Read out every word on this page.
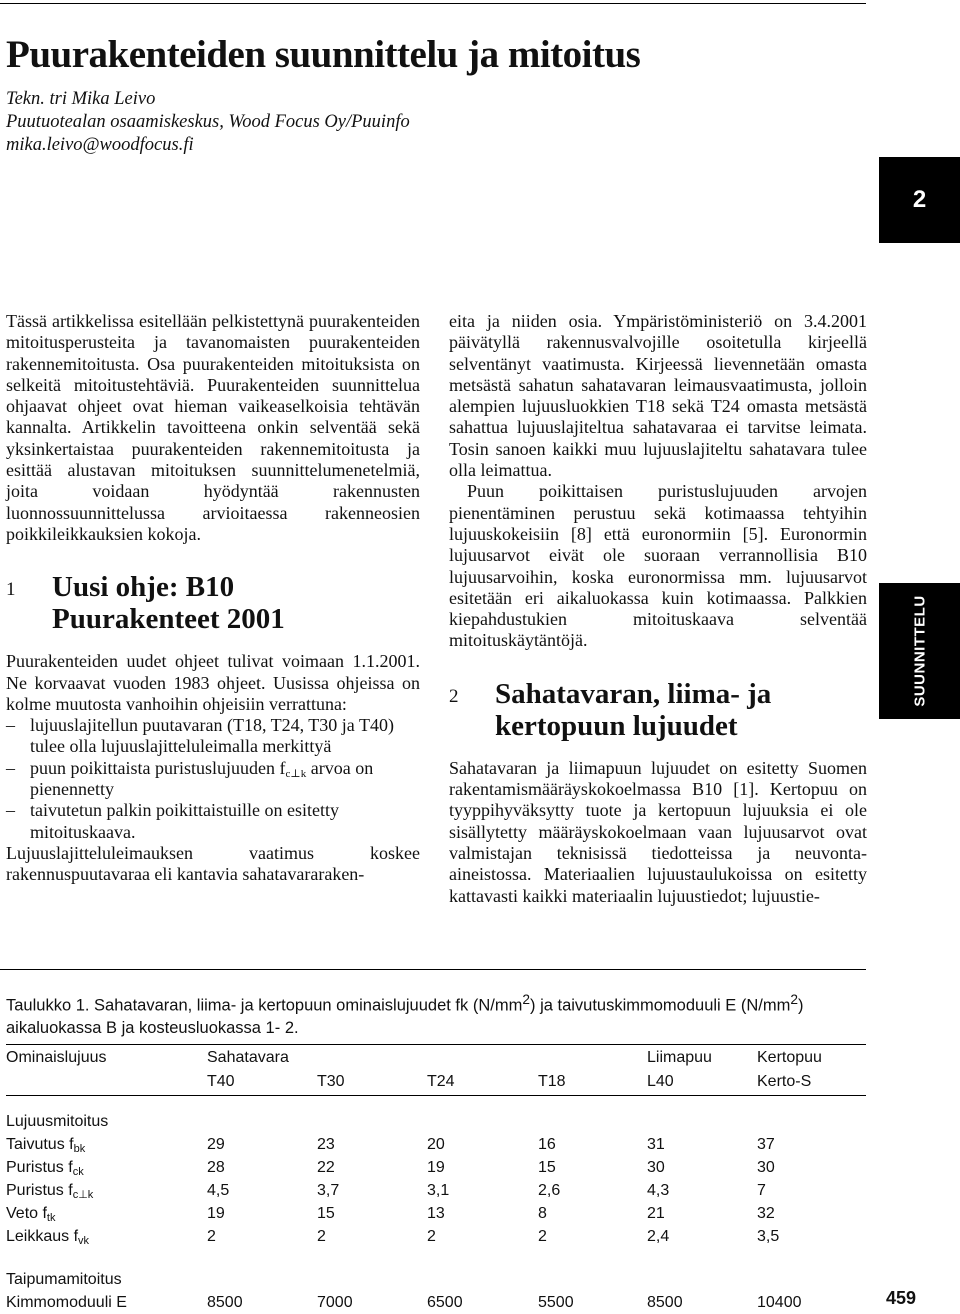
Puurakenteiden suunnittelu ja mitoitus
Tekn. tri Mika Leivo
Puutuotealan osaamiskeskus, Wood Focus Oy/Puuinfo
mika.leivo@woodfocus.fi
2
SUUNNITTELU

Tässä artikkelissa esitellään pelkistettynä puurakenteiden mitoitusperusteita ja tavanomaisten puurakenteiden rakennemitoitusta. Osa puurakenteiden mitoituksista on selkeitä mitoitustehtäviä. Puurakenteiden suunnittelua ohjaavat ohjeet ovat hieman vaikeaselkoisia tehtävän kannalta. Artikkelin tavoitteena onkin selventää sekä yksinkertaistaa puurakenteiden rakennemitoitusta ja esittää alustavan mitoituksen suunnittelumenetelmiä, joita voidaan hyödyntää rakennusten luonnossuunnittelussa arvioitaessa rakenneosien poikkileikkauksien kokoja.

1	Uusi ohje: B10
Puurakenteet 2001

Puurakenteiden uudet ohjeet tulivat voimaan 1.1.2001. Ne korvaavat vuoden 1983 ohjeet. Uusissa ohjeissa on kolme muutosta vanhoihin ohjeisiin verrattuna:

– lujuuslajitellun puutavaran (T18, T24, T30 ja T40) tulee olla lujuuslajitteluleimalla merkittyä
– puun poikittaista puristuslujuuden $f_{c\perp k}$ arvoa on pienennetty
– taivutetun palkin poikittaistuille on esitetty mitoituskaava.

Lujuuslajitteluleimauksen vaatimus koskee rakennuspuutavaraa eli kantavia sahatavararaken-

eita ja niiden osia. Ympäristöministeriö on 3.4.2001 päivätyllä rakennusvalvojille osoitetulla kirjeellä selventänyt vaatimusta. Kirjeessä lievennetään omasta metsästä sahatun sahatavaran leimausvaatimusta, jolloin alempien lujuusluokkien T18 sekä T24 omasta metsästä sahattua lujuuslajiteltua sahatavaraa ei tarvitse leimata. Tosin sanoen kaikki muu lujuuslajiteltu sahatavara tulee olla leimattua.

Puun poikittaisen puristuslujuuden arvojen pienentäminen perustuu sekä kotimaassa tehtyihin lujuuskokeisiin [8] että euronormiin [5]. Euronormin lujuusarvot eivät ole suoraan verrannollisia B10 lujuusarvoihin, koska euronormissa mm. lujuusarvot esitetään eri aikaluokassa kuin kotimaassa. Palkkien kiepahdustukien mitoituskaava selventää mitoituskäytäntöjä.

2	Sahatavaran, liima- ja
kertopuun lujuudet

Sahatavaran ja liimapuun lujuudet on esitetty Suomen rakentamismääräyskokoelmassa B10 [1]. Kertopuu on tyyppihyväksytty tuote ja kertopuun lujuuksia ei ole sisällytetty määräyskokoelmaan vaan lujuusarvot ovat valmistajan teknisissä tiedotteissa ja neuvonta-aineistossa. Materiaalien lujuustaulukoissa on esitetty kattavasti kaikki materiaalin lujuustiedot; lujuustie-

Taulukko 1. Sahatavaran, liima- ja kertopuun ominaislujuudet fk $(N/mm^2)$ ja taivutuskimmomoduuli E $(N/mm^2)$ aikaluokassa B ja kosteusluokassa 1- 2.
Ominaislujuus	Sahatavara				Liimapuu	Kertopuu
	T40	T30	T24	T18	L40	Kerto-S

Lujuusmitoitus						
Taivutus $f_{bk}$	29	23	20	16	31	37
Puristus $f_{ck}$	28	22	19	15	30	30
Puristus $f_{c\perp k}$	4,5	3,7	3,1	2,6	4,3	7
Veto $f_{tk}$	19	15	13	8	21	32
Leikkaus $f_{vk}$	2	2	2	2	2,4	3,5

Taipumamitoitus						
Kimmomoduuli E	8500	7000	6500	5500	8500	10400	459
